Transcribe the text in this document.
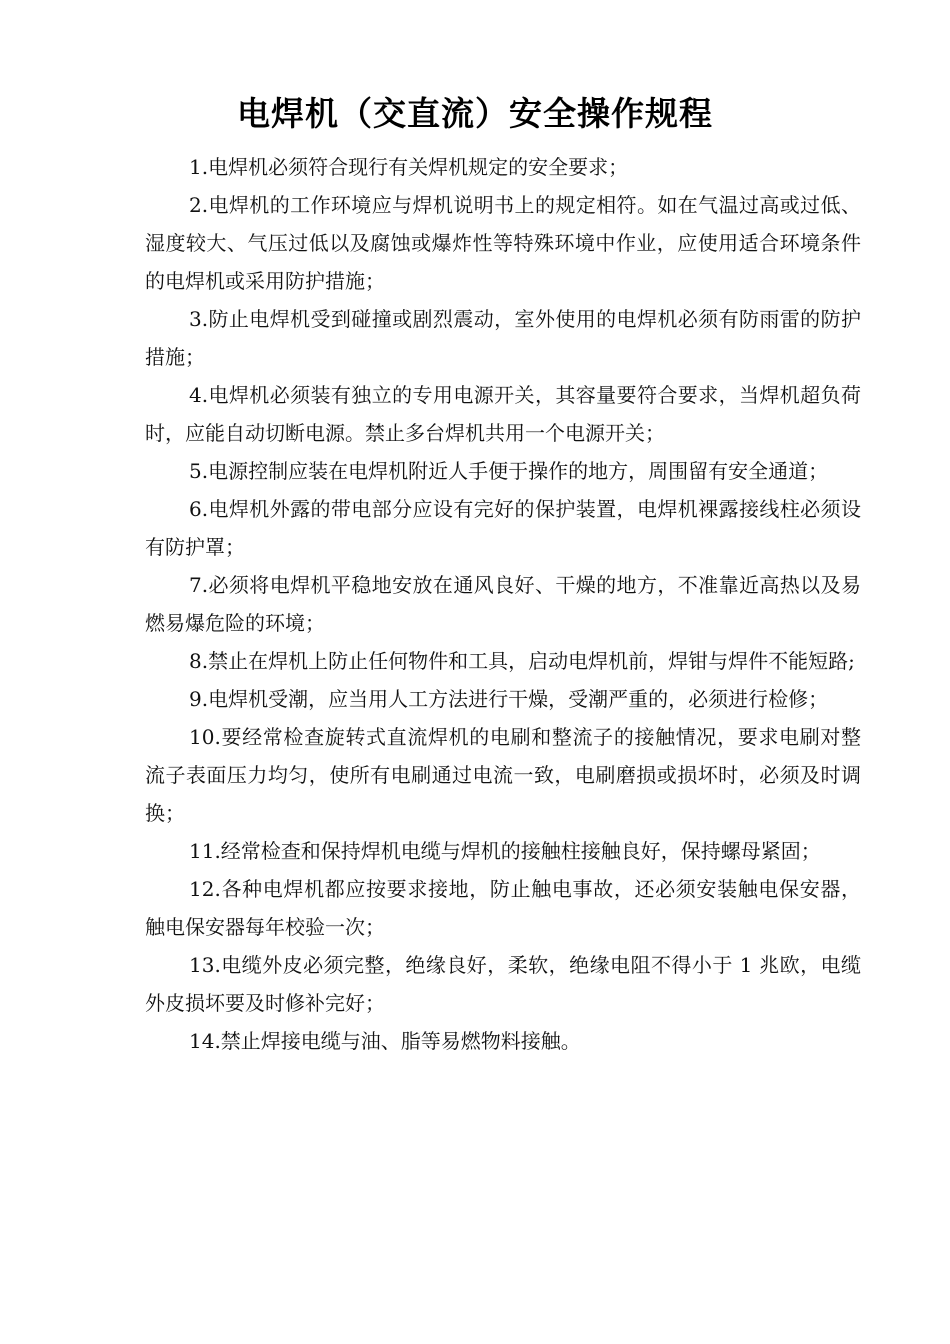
电焊机（交直流）安全操作规程

1.电焊机必须符合现行有关焊机规定的安全要求；

2.电焊机的工作环境应与焊机说明书上的规定相符。如在气温过高或过低、 湿度较大、气压过低以及腐蚀或爆炸性等特殊环境中作业，应使用适合环境条件 的电焊机或采用防护措施；

3.防止电焊机受到碰撞或剧烈震动，室外使用的电焊机必须有防雨雷的防护措施；

4.电焊机必须装有独立的专用电源开关，其容量要符合要求，当焊机超负荷 时，应能自动切断电源。禁止多台焊机共用一个电源开关；

5.电源控制应装在电焊机附近人手便于操作的地方，周围留有安全通道；

6.电焊机外露的带电部分应设有完好的保护装置，电焊机裸露接线柱必须设 有防护罩；

7.必须将电焊机平稳地安放在通风良好、干燥的地方，不准靠近高热以及易 燃易爆危险的环境；

8.禁止在焊机上防止任何物件和工具，启动电焊机前，焊钳与焊件不能短路;

9.电焊机受潮，应当用人工方法进行干燥，受潮严重的，必须进行检修；

10.要经常检查旋转式直流焊机的电刷和整流子的接触情况，要求电刷对整 流子表面压力均匀，使所有电刷通过电流一致，电刷磨损或损坏时，必须及时调 换；

11.经常检查和保持焊机电缆与焊机的接触柱接触良好，保持螺母紧固；

12.各种电焊机都应按要求接地，防止触电事故，还必须安装触电保安器， 触电保安器每年校验一次；

13.电缆外皮必须完整，绝缘良好，柔软，绝缘电阻不得小于 1 兆欧，电缆外皮损坏要及时修补完好；

14.禁止焊接电缆与油、脂等易燃物料接触。
